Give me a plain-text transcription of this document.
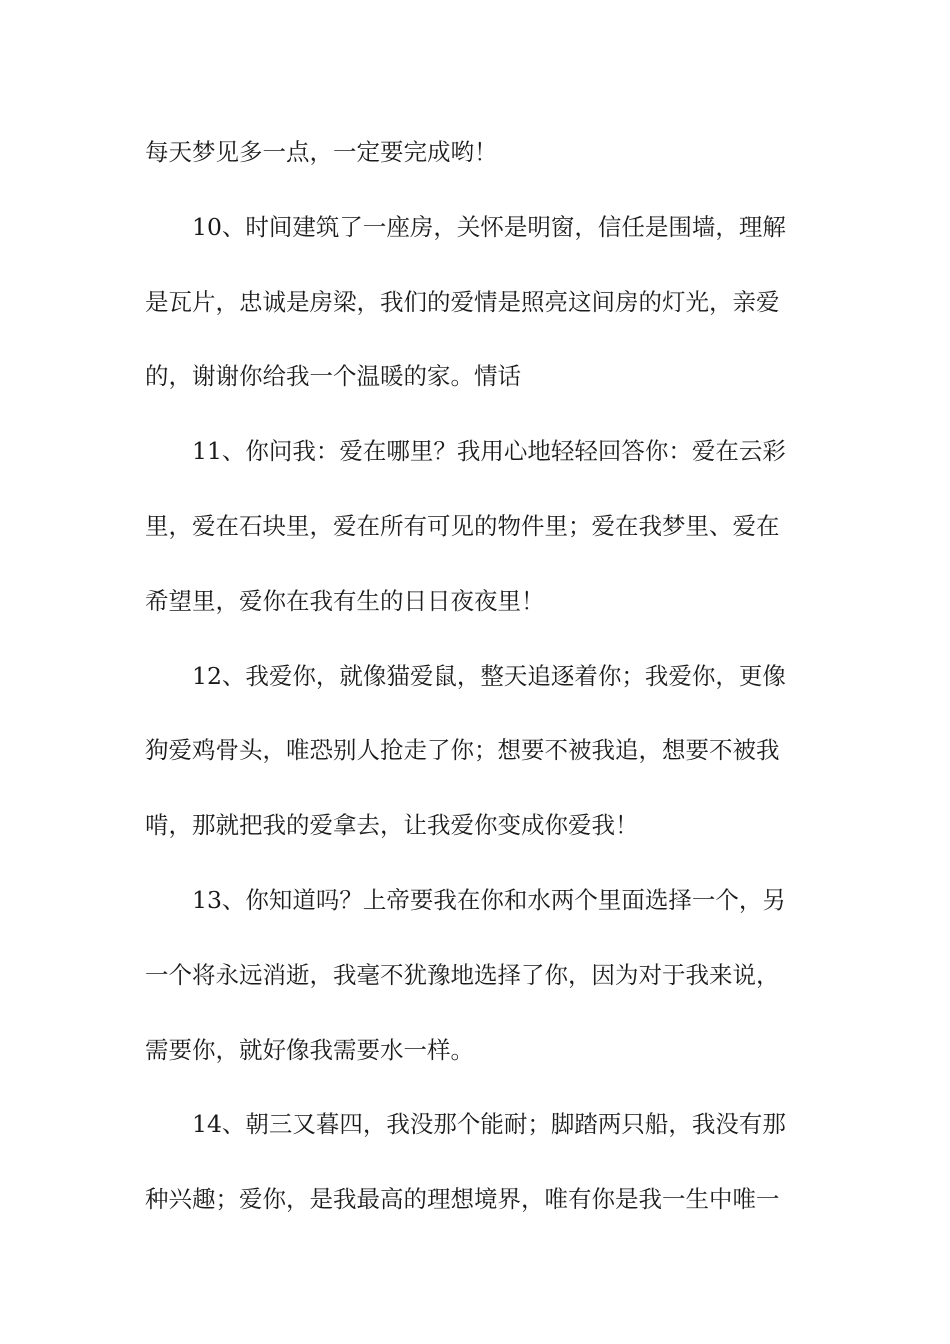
每天梦见多一点，一定要完成哟！
10、时间建筑了一座房，关怀是明窗，信任是围墙，理解
是瓦片，忠诚是房梁，我们的爱情是照亮这间房的灯光，亲爱
的，谢谢你给我一个温暖的家。情话
11、你问我：爱在哪里？我用心地轻轻回答你：爱在云彩
里，爱在石块里，爱在所有可见的物件里；爱在我梦里、爱在
希望里，爱你在我有生的日日夜夜里！
12、我爱你，就像猫爱鼠，整天追逐着你；我爱你，更像
狗爱鸡骨头，唯恐别人抢走了你；想要不被我追，想要不被我
啃，那就把我的爱拿去，让我爱你变成你爱我！
13、你知道吗？上帝要我在你和水两个里面选择一个，另
一个将永远消逝，我毫不犹豫地选择了你，因为对于我来说，
需要你，就好像我需要水一样。
14、朝三又暮四，我没那个能耐；脚踏两只船，我没有那
种兴趣；爱你，是我最高的理想境界，唯有你是我一生中唯一
